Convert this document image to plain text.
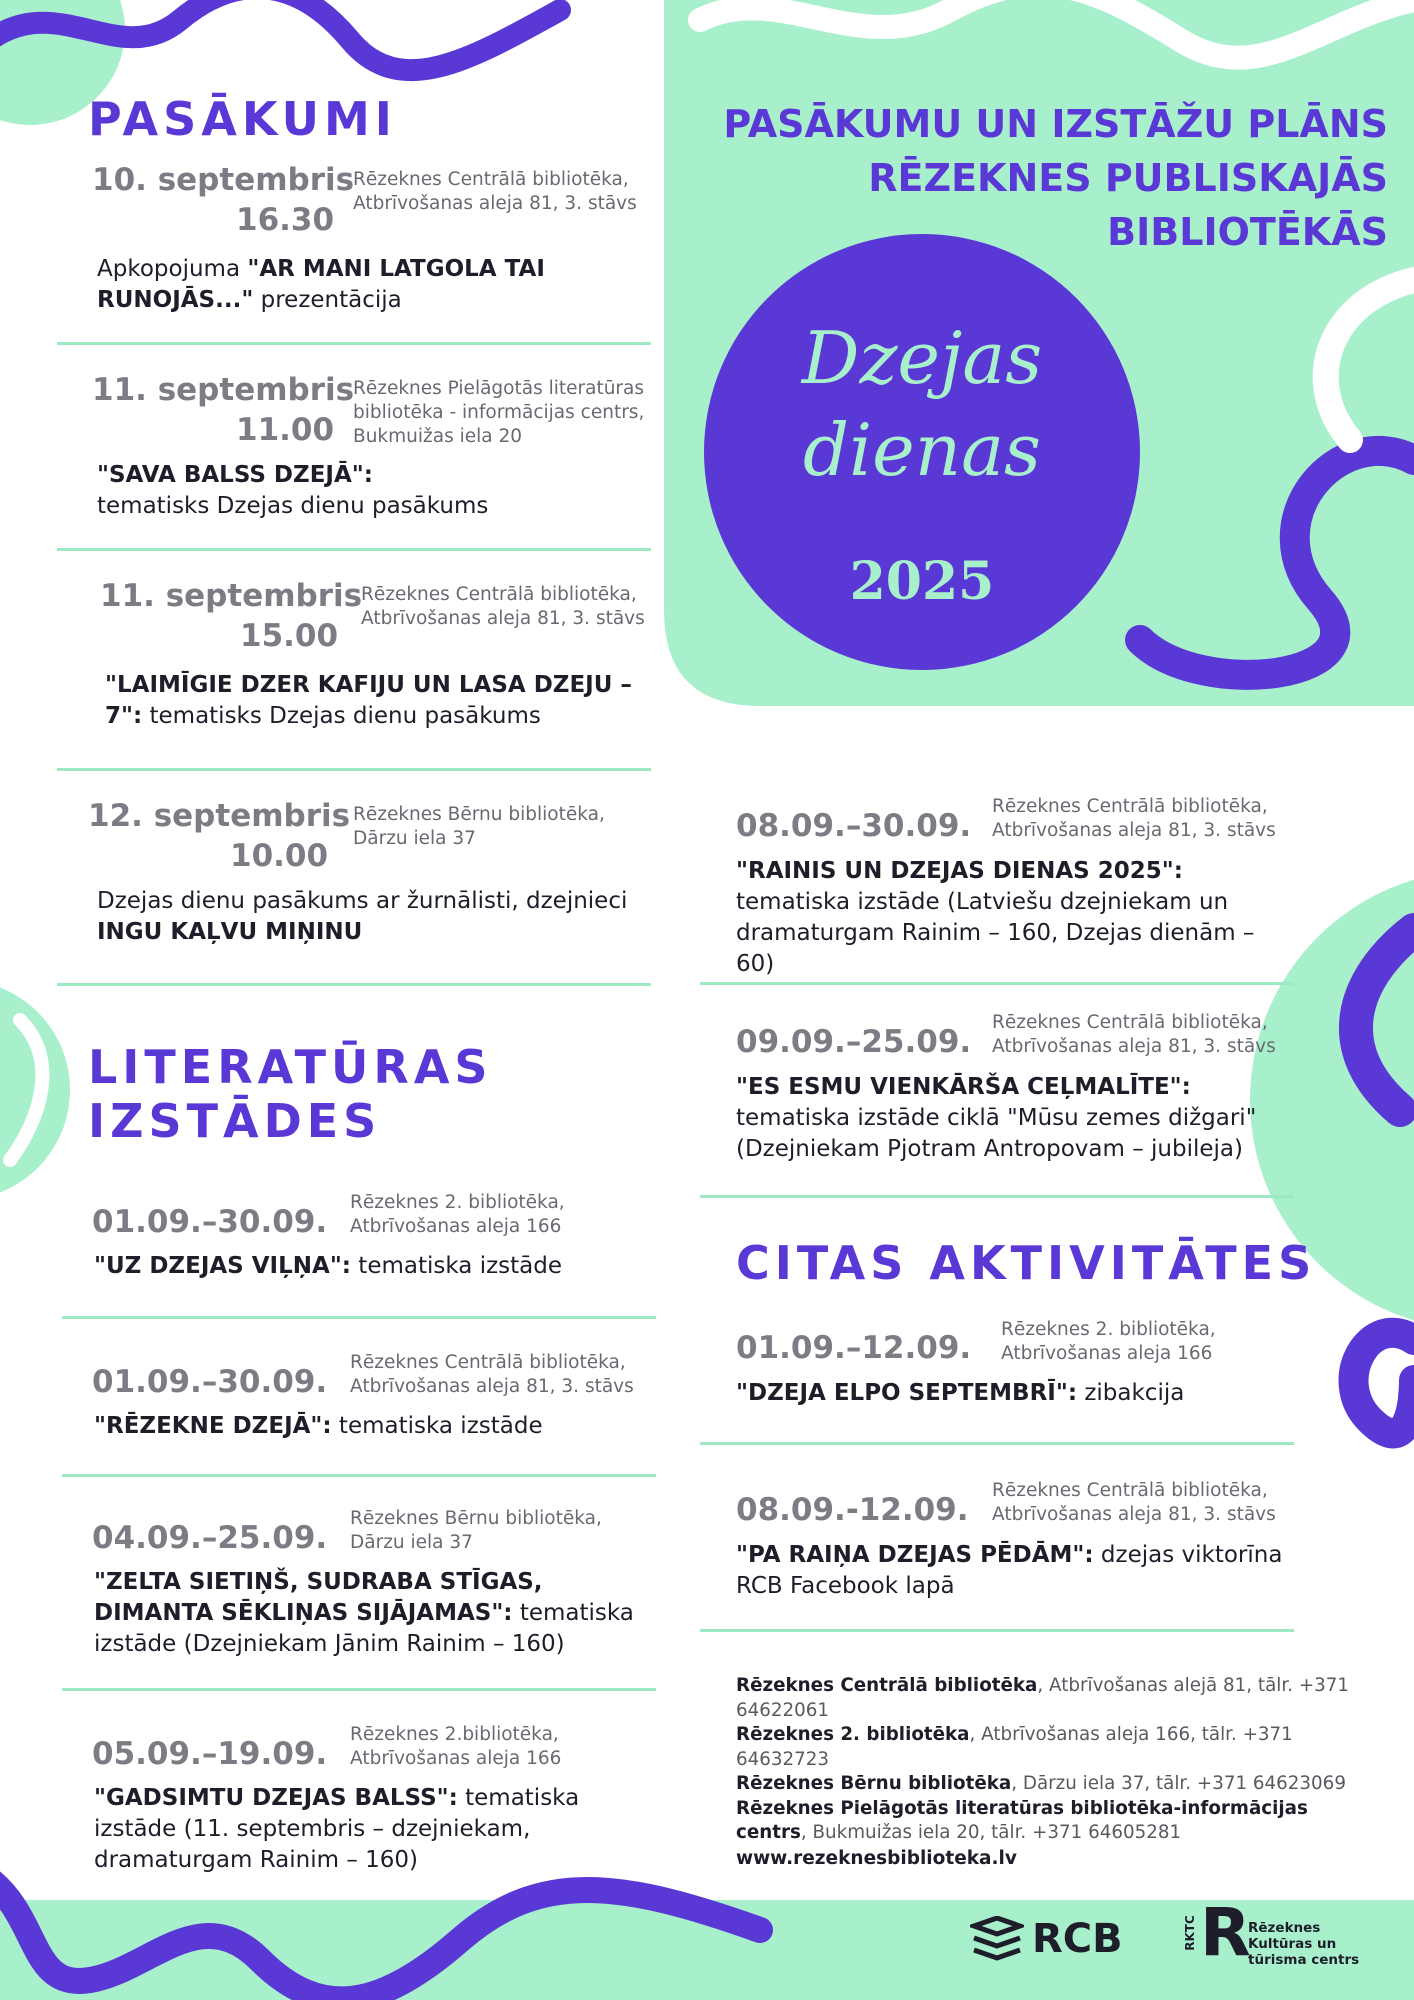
Dzejas
dienas
2025
PASĀKUMU UN IZSTĀŽU PLĀNS
RĒZEKNES PUBLISKAJĀS
BIBLIOTĒKĀS
PASĀKUMI
10. septembris
16.30
Rēzeknes Centrālā bibliotēka,
Atbrīvošanas aleja 81, 3. stāvs
Apkopojuma "AR MANI LATGOLA TAI RUNOJĀS..." prezentācija
11. septembris
11.00
Rēzeknes Pielāgotās literatūras
bibliotēka - informācijas centrs,
Bukmuižas iela 20
"SAVA BALSS DZEJĀ":
tematisks Dzejas dienu pasākums
11. septembris
15.00
Rēzeknes Centrālā bibliotēka,
Atbrīvošanas aleja 81, 3. stāvs
"LAIMĪGIE DZER KAFIJU UN LASA DZEJU – 7": tematisks Dzejas dienu pasākums
12. septembris
10.00
Rēzeknes Bērnu bibliotēka,
Dārzu iela 37
Dzejas dienu pasākums ar žurnālisti, dzejnieci INGU KAĻVU MIŅINU
LITERATŪRAS
IZSTĀDES
01.09.–30.09.
Rēzeknes 2. bibliotēka,
Atbrīvošanas aleja 166
"UZ DZEJAS VIĻŅA": tematiska izstāde
01.09.–30.09.
Rēzeknes Centrālā bibliotēka,
Atbrīvošanas aleja 81, 3. stāvs
"RĒZEKNE DZEJĀ": tematiska izstāde
04.09.–25.09.
Rēzeknes Bērnu bibliotēka,
Dārzu iela 37
"ZELTA SIETIŅŠ, SUDRABA STĪGAS, DIMANTA SĒKLIŅAS SIJĀJAMAS": tematiska izstāde (Dzejniekam Jānim Rainim – 160)
05.09.–19.09.
Rēzeknes 2.bibliotēka,
Atbrīvošanas aleja 166
"GADSIMTU DZEJAS BALSS": tematiska izstāde (11. septembris – dzejniekam, dramaturgam Rainim – 160)
08.09.–30.09.
Rēzeknes Centrālā bibliotēka,
Atbrīvošanas aleja 81, 3. stāvs
"RAINIS UN DZEJAS DIENAS 2025": tematiska izstāde (Latviešu dzejniekam un dramaturgam Rainim – 160, Dzejas dienām – 60)
09.09.–25.09.
Rēzeknes Centrālā bibliotēka,
Atbrīvošanas aleja 81, 3. stāvs
"ES ESMU VIENKĀRŠA CEĻMALĪTE": tematiska izstāde ciklā "Mūsu zemes dižgari" (Dzejniekam Pjotram Antropovam – jubileja)
CITAS AKTIVITĀTES
01.09.–12.09.
Rēzeknes 2. bibliotēka,
Atbrīvošanas aleja 166
"DZEJA ELPO SEPTEMBRĪ": zibakcija
08.09.-12.09.
Rēzeknes Centrālā bibliotēka,
Atbrīvošanas aleja 81, 3. stāvs
"PA RAIŅA DZEJAS PĒDĀM": dzejas viktorīna RCB Facebook lapā
Rēzeknes Centrālā bibliotēka, Atbrīvošanas alejā 81, tālr. +371 64622061
Rēzeknes 2. bibliotēka, Atbrīvošanas aleja 166, tālr. +371 64632723
Rēzeknes Bērnu bibliotēka, Dārzu iela 37, tālr. +371 64623069
Rēzeknes Pielāgotās literatūras bibliotēka-informācijas centrs, Bukmuižas iela 20, tālr. +371 64605281
www.rezeknesbiblioteka.lv
RCB	RKTC R
Rēzeknes
Kultūras un
tūrisma centrs
